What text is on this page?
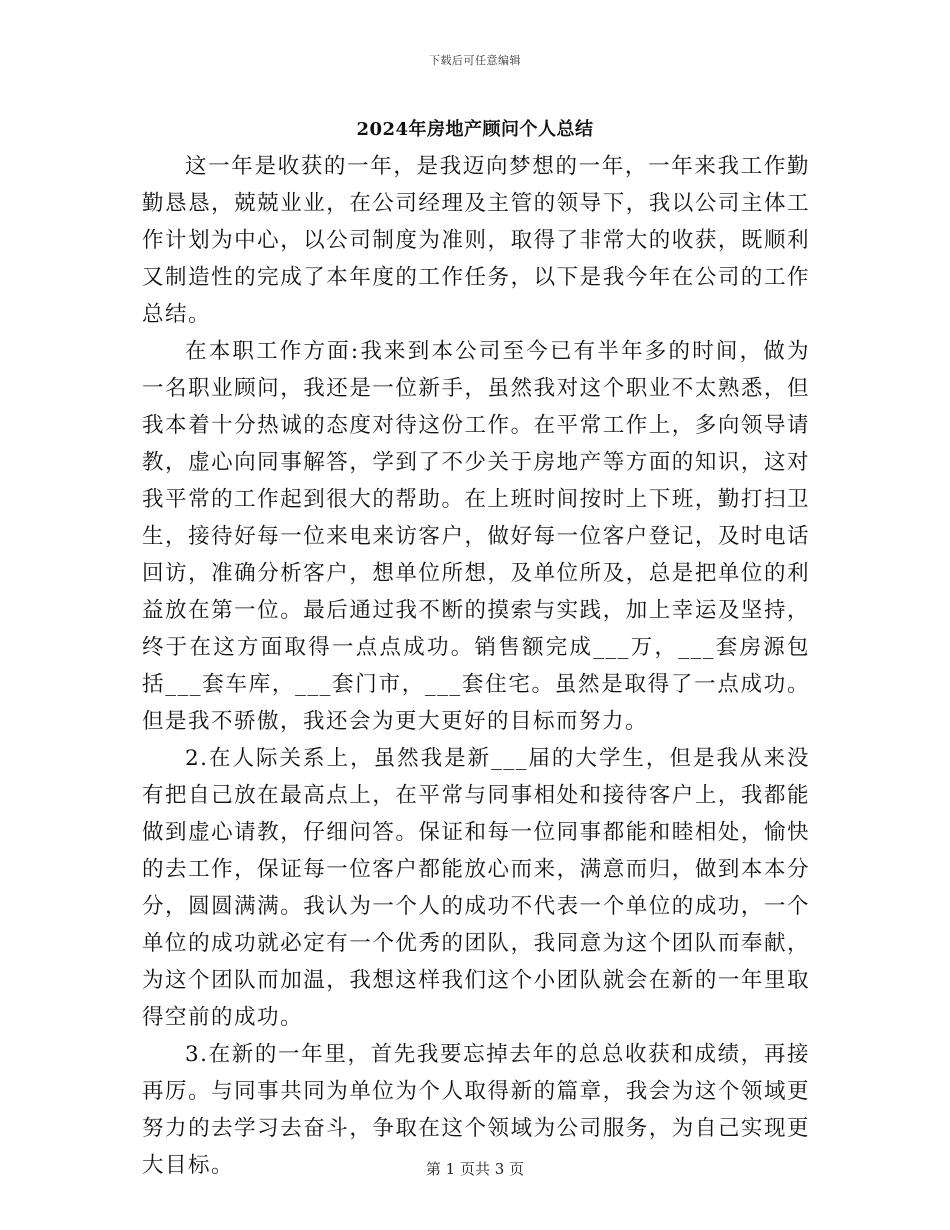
下载后可任意编辑
2024年房地产顾问个人总结

这一年是收获的一年，是我迈向梦想的一年，一年来我工作勤勤恳恳，兢兢业业，在公司经理及主管的领导下，我以公司主体工作计划为中心，以公司制度为准则，取得了非常大的收获，既顺利又制造性的完成了本年度的工作任务，以下是我今年在公司的工作总结。

在本职工作方面:我来到本公司至今已有半年多的时间，做为一名职业顾问，我还是一位新手，虽然我对这个职业不太熟悉，但我本着十分热诚的态度对待这份工作。在平常工作上，多向领导请教，虚心向同事解答，学到了不少关于房地产等方面的知识，这对我平常的工作起到很大的帮助。在上班时间按时上下班，勤打扫卫生，接待好每一位来电来访客户，做好每一位客户登记，及时电话回访，准确分析客户，想单位所想，及单位所及，总是把单位的利益放在第一位。最后通过我不断的摸索与实践，加上幸运及坚持，终于在这方面取得一点点成功。销售额完成___万，___套房源包括___套车库，___套门市，___套住宅。虽然是取得了一点成功。但是我不骄傲，我还会为更大更好的目标而努力。

2.在人际关系上，虽然我是新___届的大学生，但是我从来没有把自己放在最高点上，在平常与同事相处和接待客户上，我都能做到虚心请教，仔细问答。保证和每一位同事都能和睦相处，愉快的去工作，保证每一位客户都能放心而来，满意而归，做到本本分分，圆圆满满。我认为一个人的成功不代表一个单位的成功，一个单位的成功就必定有一个优秀的团队，我同意为这个团队而奉献，为这个团队而加温，我想这样我们这个小团队就会在新的一年里取得空前的成功。

3.在新的一年里，首先我要忘掉去年的总总收获和成绩，再接再厉。与同事共同为单位为个人取得新的篇章，我会为这个领域更努力的去学习去奋斗，争取在这个领域为公司服务，为自己实现更大目标。	第 1 页共 3 页
